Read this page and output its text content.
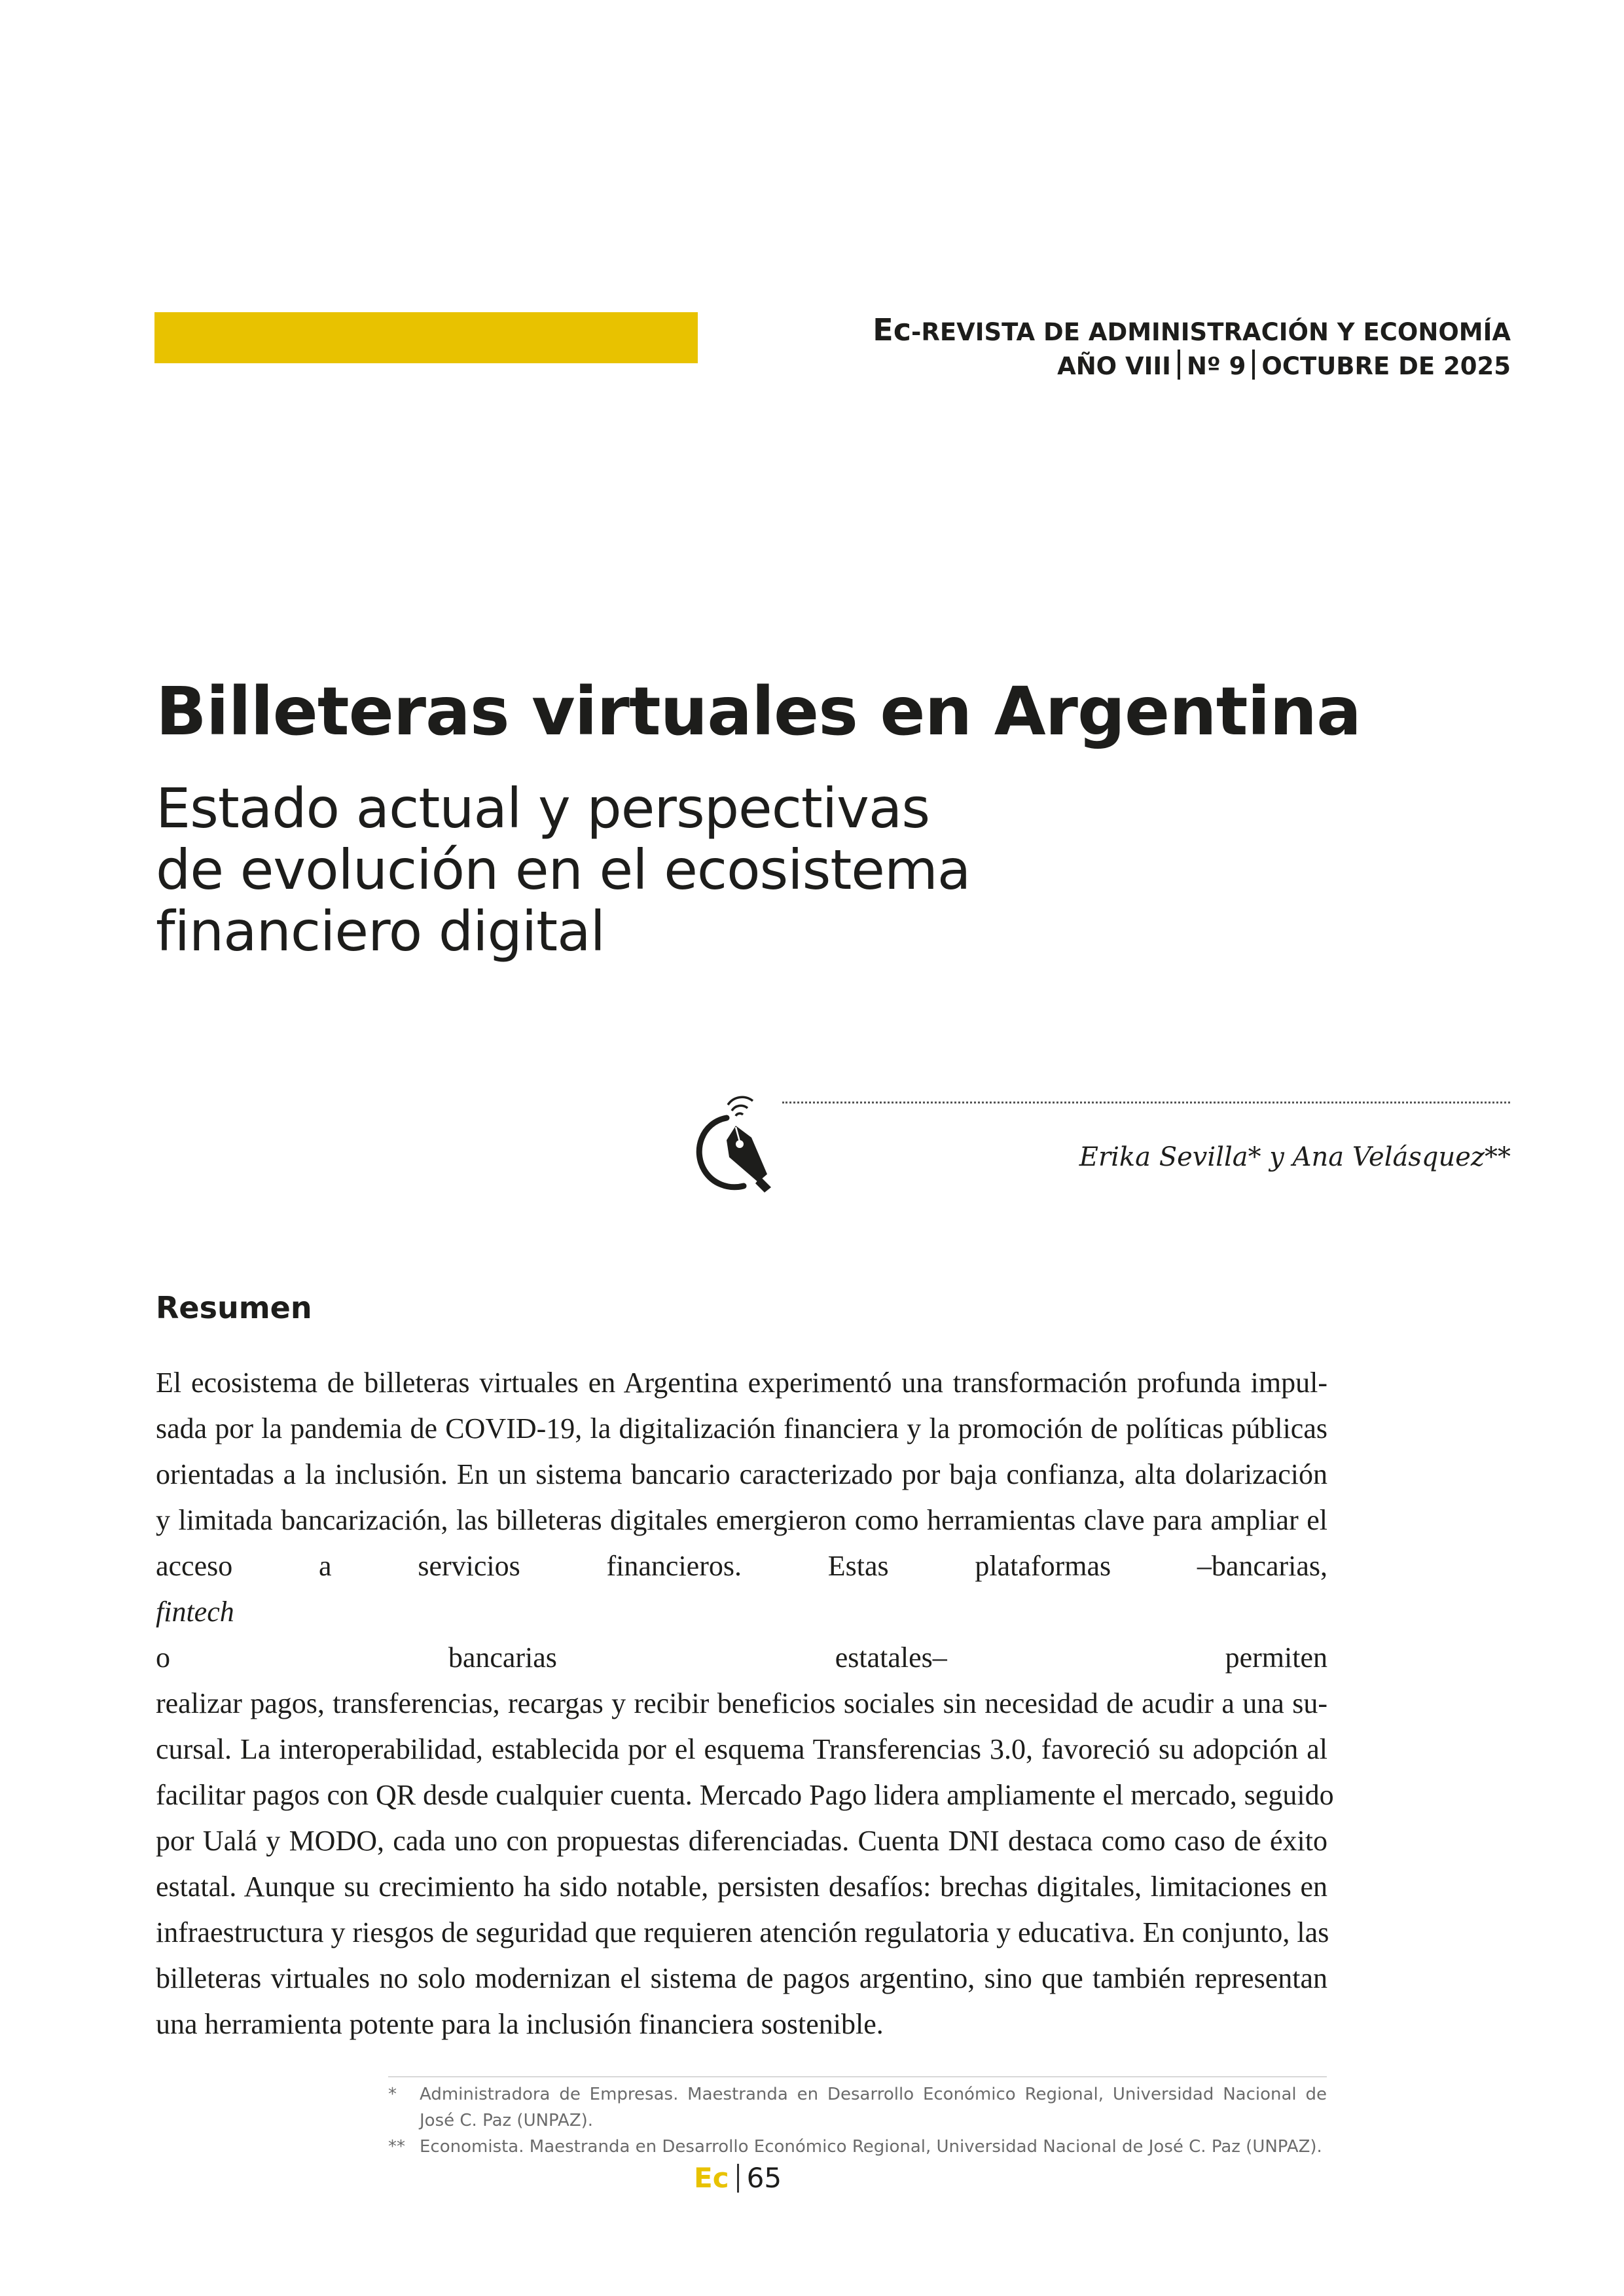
Ec-REVISTA DE ADMINISTRACIÓN Y ECONOMÍA
AÑO VIII Nº 9 OCTUBRE DE 2025
Billeteras virtuales en Argentina
Estado actual y perspectivas
de evolución en el ecosistema
financiero digital
Erika Sevilla* y Ana Velásquez**
Resumen
El ecosistema de billeteras virtuales en Argentina experimentó una transformación profunda impul-
sada por la pandemia de COVID-19, la digitalización financiera y la promoción de políticas públicas
orientadas a la inclusión. En un sistema bancario caracterizado por baja confianza, alta dolarización
y limitada bancarización, las billeteras digitales emergieron como herramientas clave para ampliar el
acceso a servicios financieros. Estas plataformas –bancarias,
fintech
o bancarias estatales– permiten
realizar pagos, transferencias, recargas y recibir beneficios sociales sin necesidad de acudir a una su-
cursal. La interoperabilidad, establecida por el esquema Transferencias 3.0, favoreció su adopción al
facilitar pagos con QR desde cualquier cuenta. Mercado Pago lidera ampliamente el mercado, seguido
por Ualá y MODO, cada uno con propuestas diferenciadas. Cuenta DNI destaca como caso de éxito
estatal. Aunque su crecimiento ha sido notable, persisten desafíos: brechas digitales, limitaciones en
infraestructura y riesgos de seguridad que requieren atención regulatoria y educativa. En conjunto, las
billeteras virtuales no solo modernizan el sistema de pagos argentino, sino que también representan
una herramienta potente para la inclusión financiera sostenible.
* Administradora de Empresas. Maestranda en Desarrollo Económico Regional, Universidad Nacional de
José C. Paz (UNPAZ).
** Economista. Maestranda en Desarrollo Económico Regional, Universidad Nacional de José C. Paz (UNPAZ).
Ec 65
